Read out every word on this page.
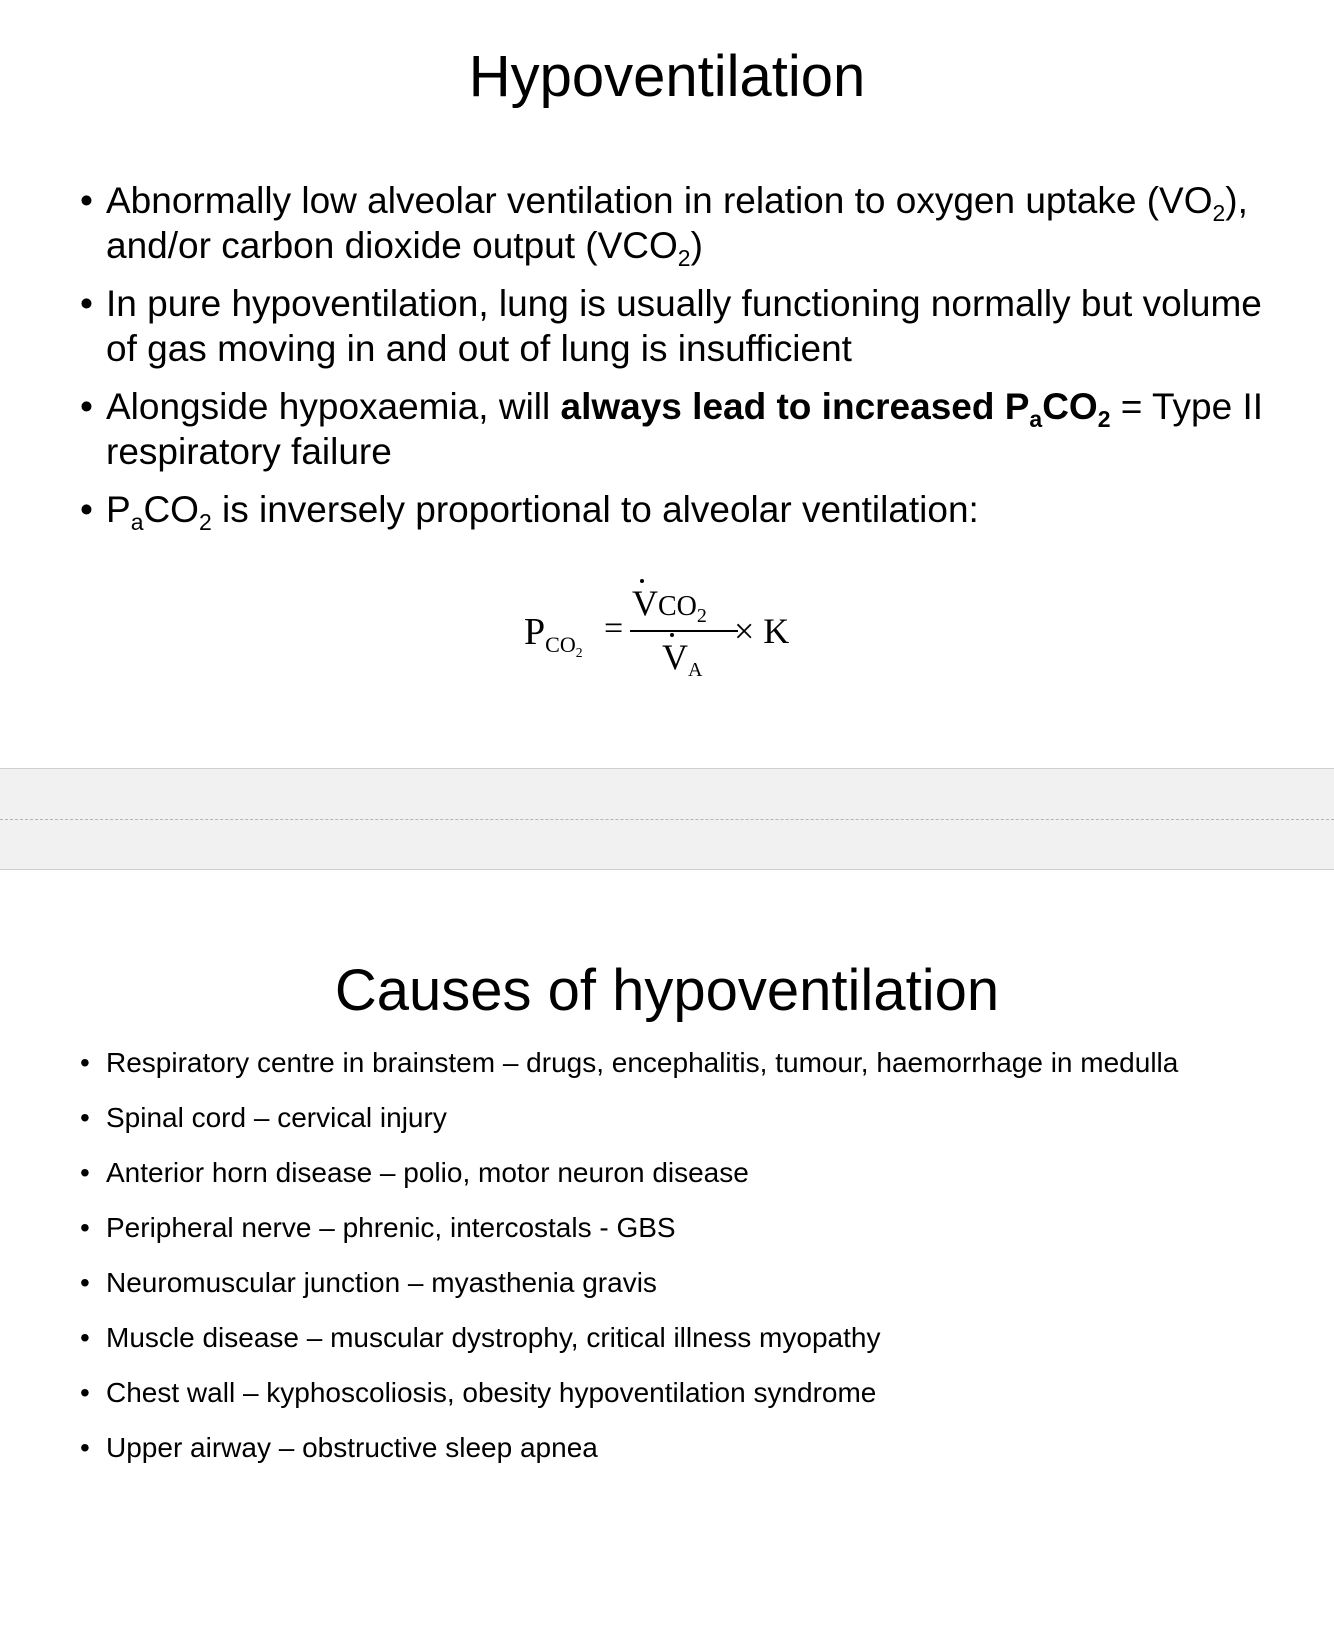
Hypoventilation
• Abnormally low alveolar ventilation in relation to oxygen uptake $(VO_2)$, and/or carbon dioxide output $(VCO_2)$
• In pure hypoventilation, lung is usually functioning normally but volume of gas moving in and out of lung is insufficient
• Alongside hypoxaemia, will always lead to increased $P_aCO_2$ = Type II respiratory failure
• $P_aCO_2$ is inversely proportional to alveolar ventilation:
$P_{CO_2}$
=
$VCO_2$
$V_A$
× K
Causes of hypoventilation
• Respiratory centre in brainstem – drugs, encephalitis, tumour, haemorrhage in medulla
• Spinal cord – cervical injury
• Anterior horn disease – polio, motor neuron disease
• Peripheral nerve – phrenic, intercostals - GBS
• Neuromuscular junction – myasthenia gravis
• Muscle disease – muscular dystrophy, critical illness myopathy
• Chest wall – kyphoscoliosis, obesity hypoventilation syndrome
• Upper airway – obstructive sleep apnea
